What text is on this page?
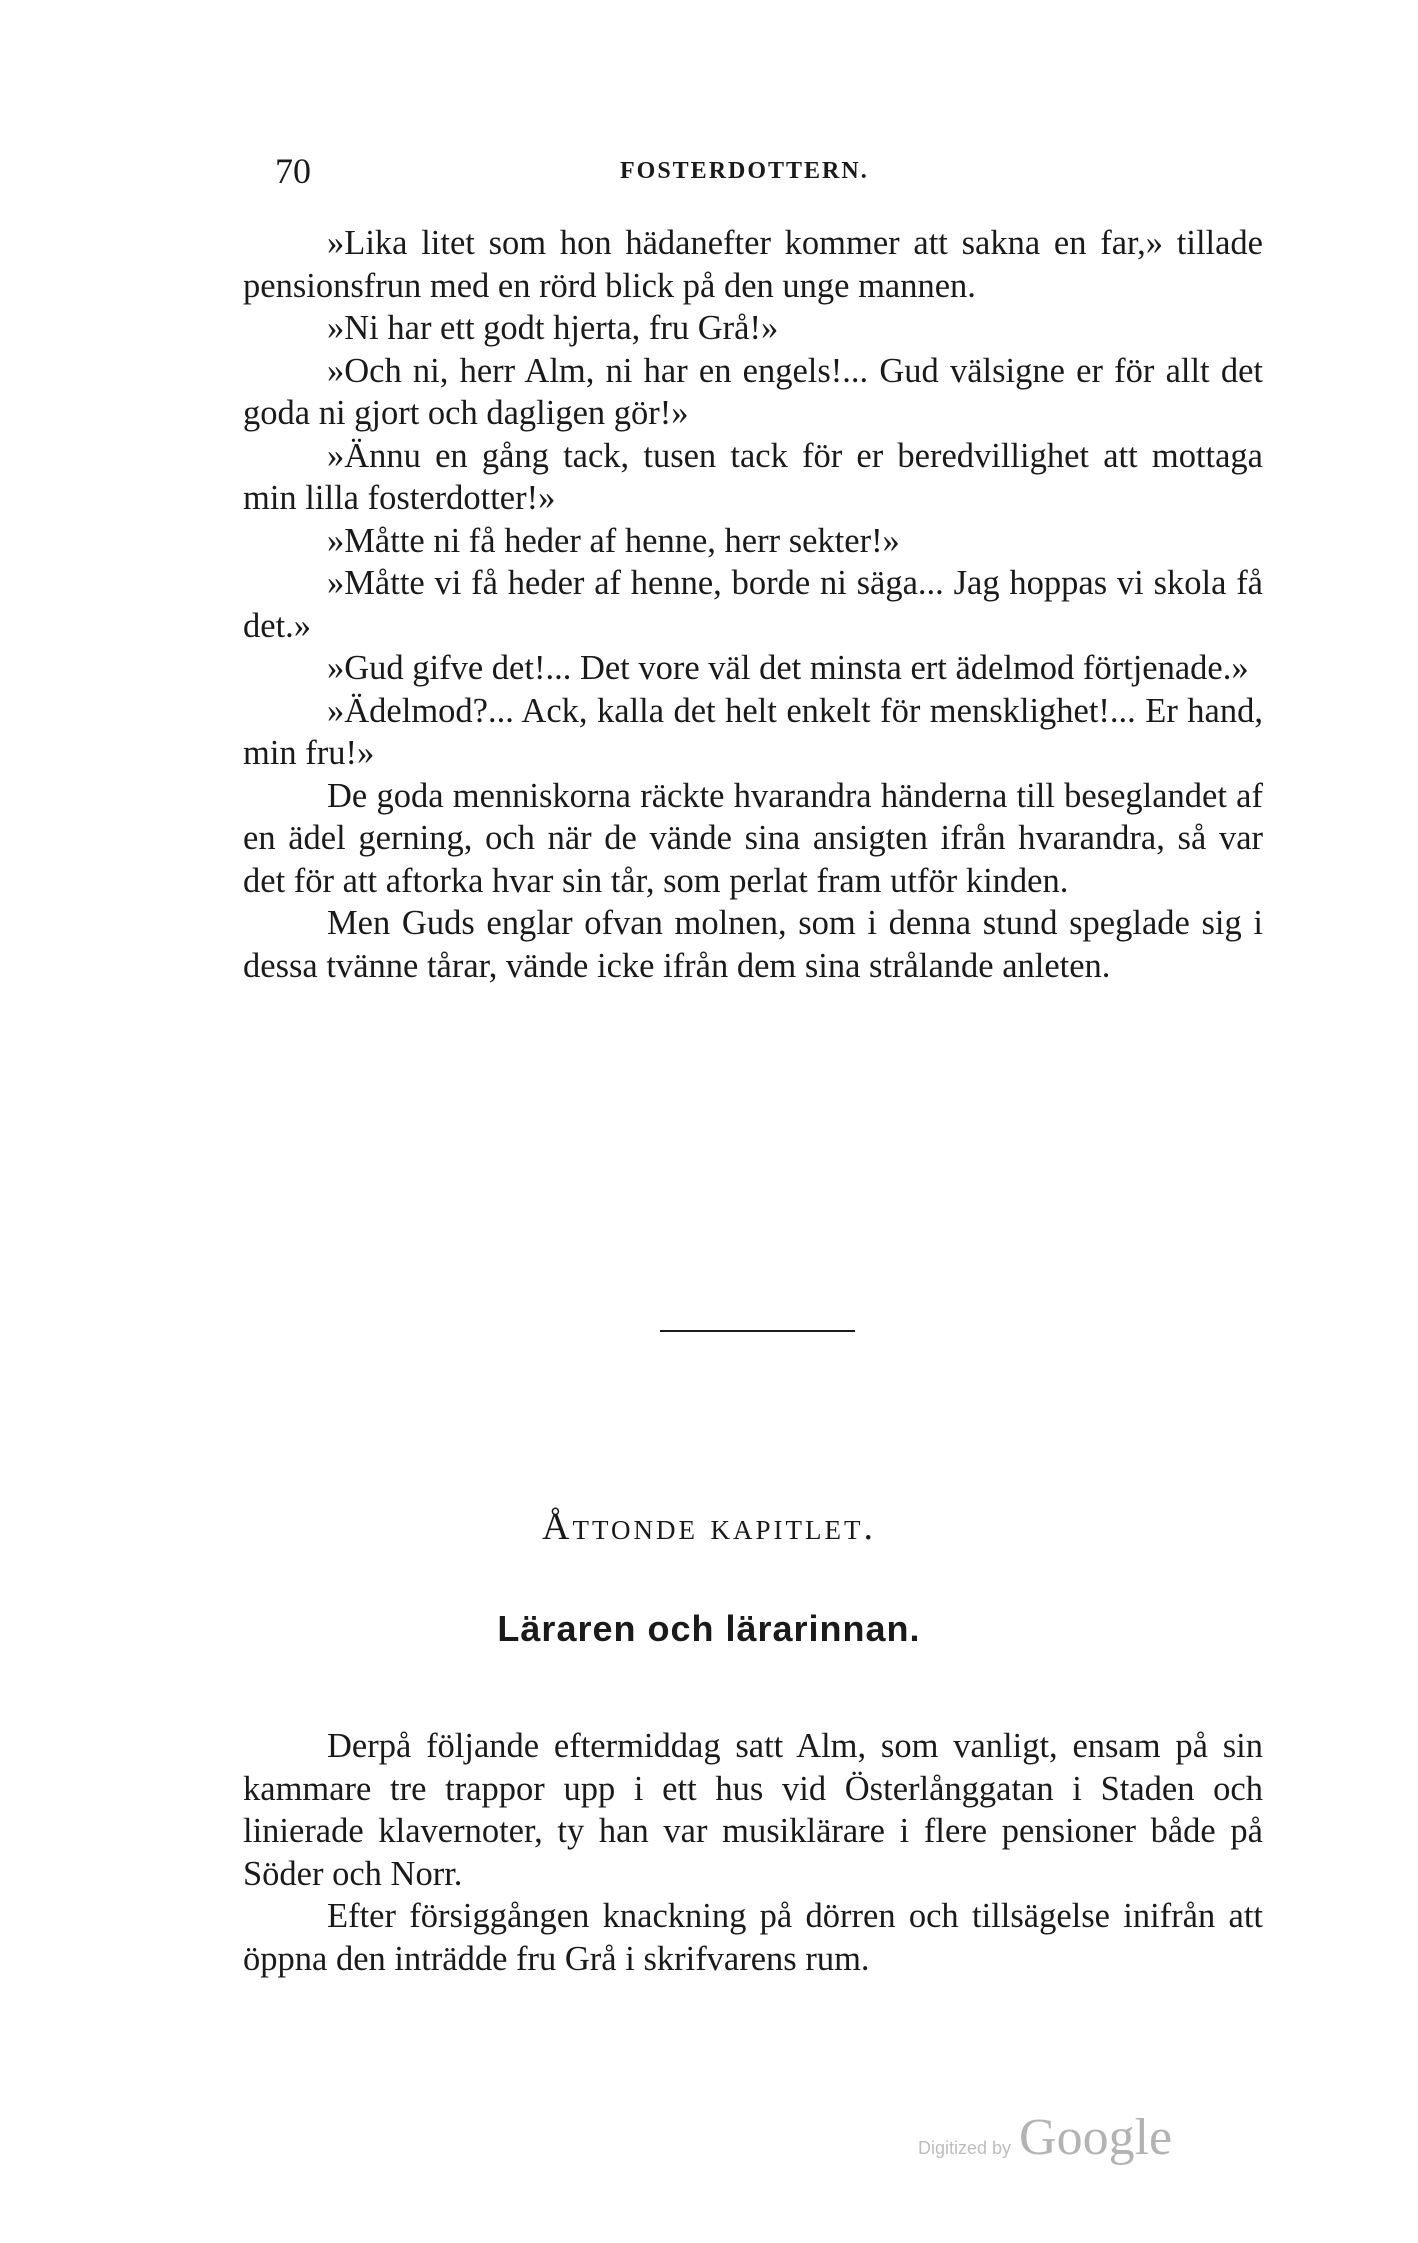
70	FOSTERDOTTERN.

»Lika litet som hon hädanefter kommer att sakna en far,» tillade pensionsfrun med en rörd blick på den unge mannen.

»Ni har ett godt hjerta, fru Grå!»

»Och ni, herr Alm, ni har en engels!... Gud välsigne er för allt det goda ni gjort och dagligen gör!»

»Ännu en gång tack, tusen tack för er beredvillighet att mottaga min lilla fosterdotter!»

»Måtte ni få heder af henne, herr sekter!»

»Måtte vi få heder af henne, borde ni säga... Jag hoppas vi skola få det.»

»Gud gifve det!... Det vore väl det minsta ert ädelmod förtjenade.»

»Ädelmod?... Ack, kalla det helt enkelt för mensklighet!... Er hand, min fru!»

De goda menniskorna räckte hvarandra händerna till beseglandet af en ädel gerning, och när de vände sina ansigten ifrån hvarandra, så var det för att aftorka hvar sin tår, som perlat fram utför kinden.

Men Guds englar ofvan molnen, som i denna stund speglade sig i dessa tvänne tårar, vände icke ifrån dem sina strålande anleten.

Åttonde kapitlet.
Läraren och lärarinnan.

Derpå följande eftermiddag satt Alm, som vanligt, ensam på sin kammare tre trappor upp i ett hus vid Österlånggatan i Staden och linierade klavernoter, ty han var musiklärare i flere pensioner både på Söder och Norr.

Efter försiggången knackning på dörren och tillsägelse inifrån att öppna den inträdde fru Grå i skrifvarens rum.

Digitized by Google
